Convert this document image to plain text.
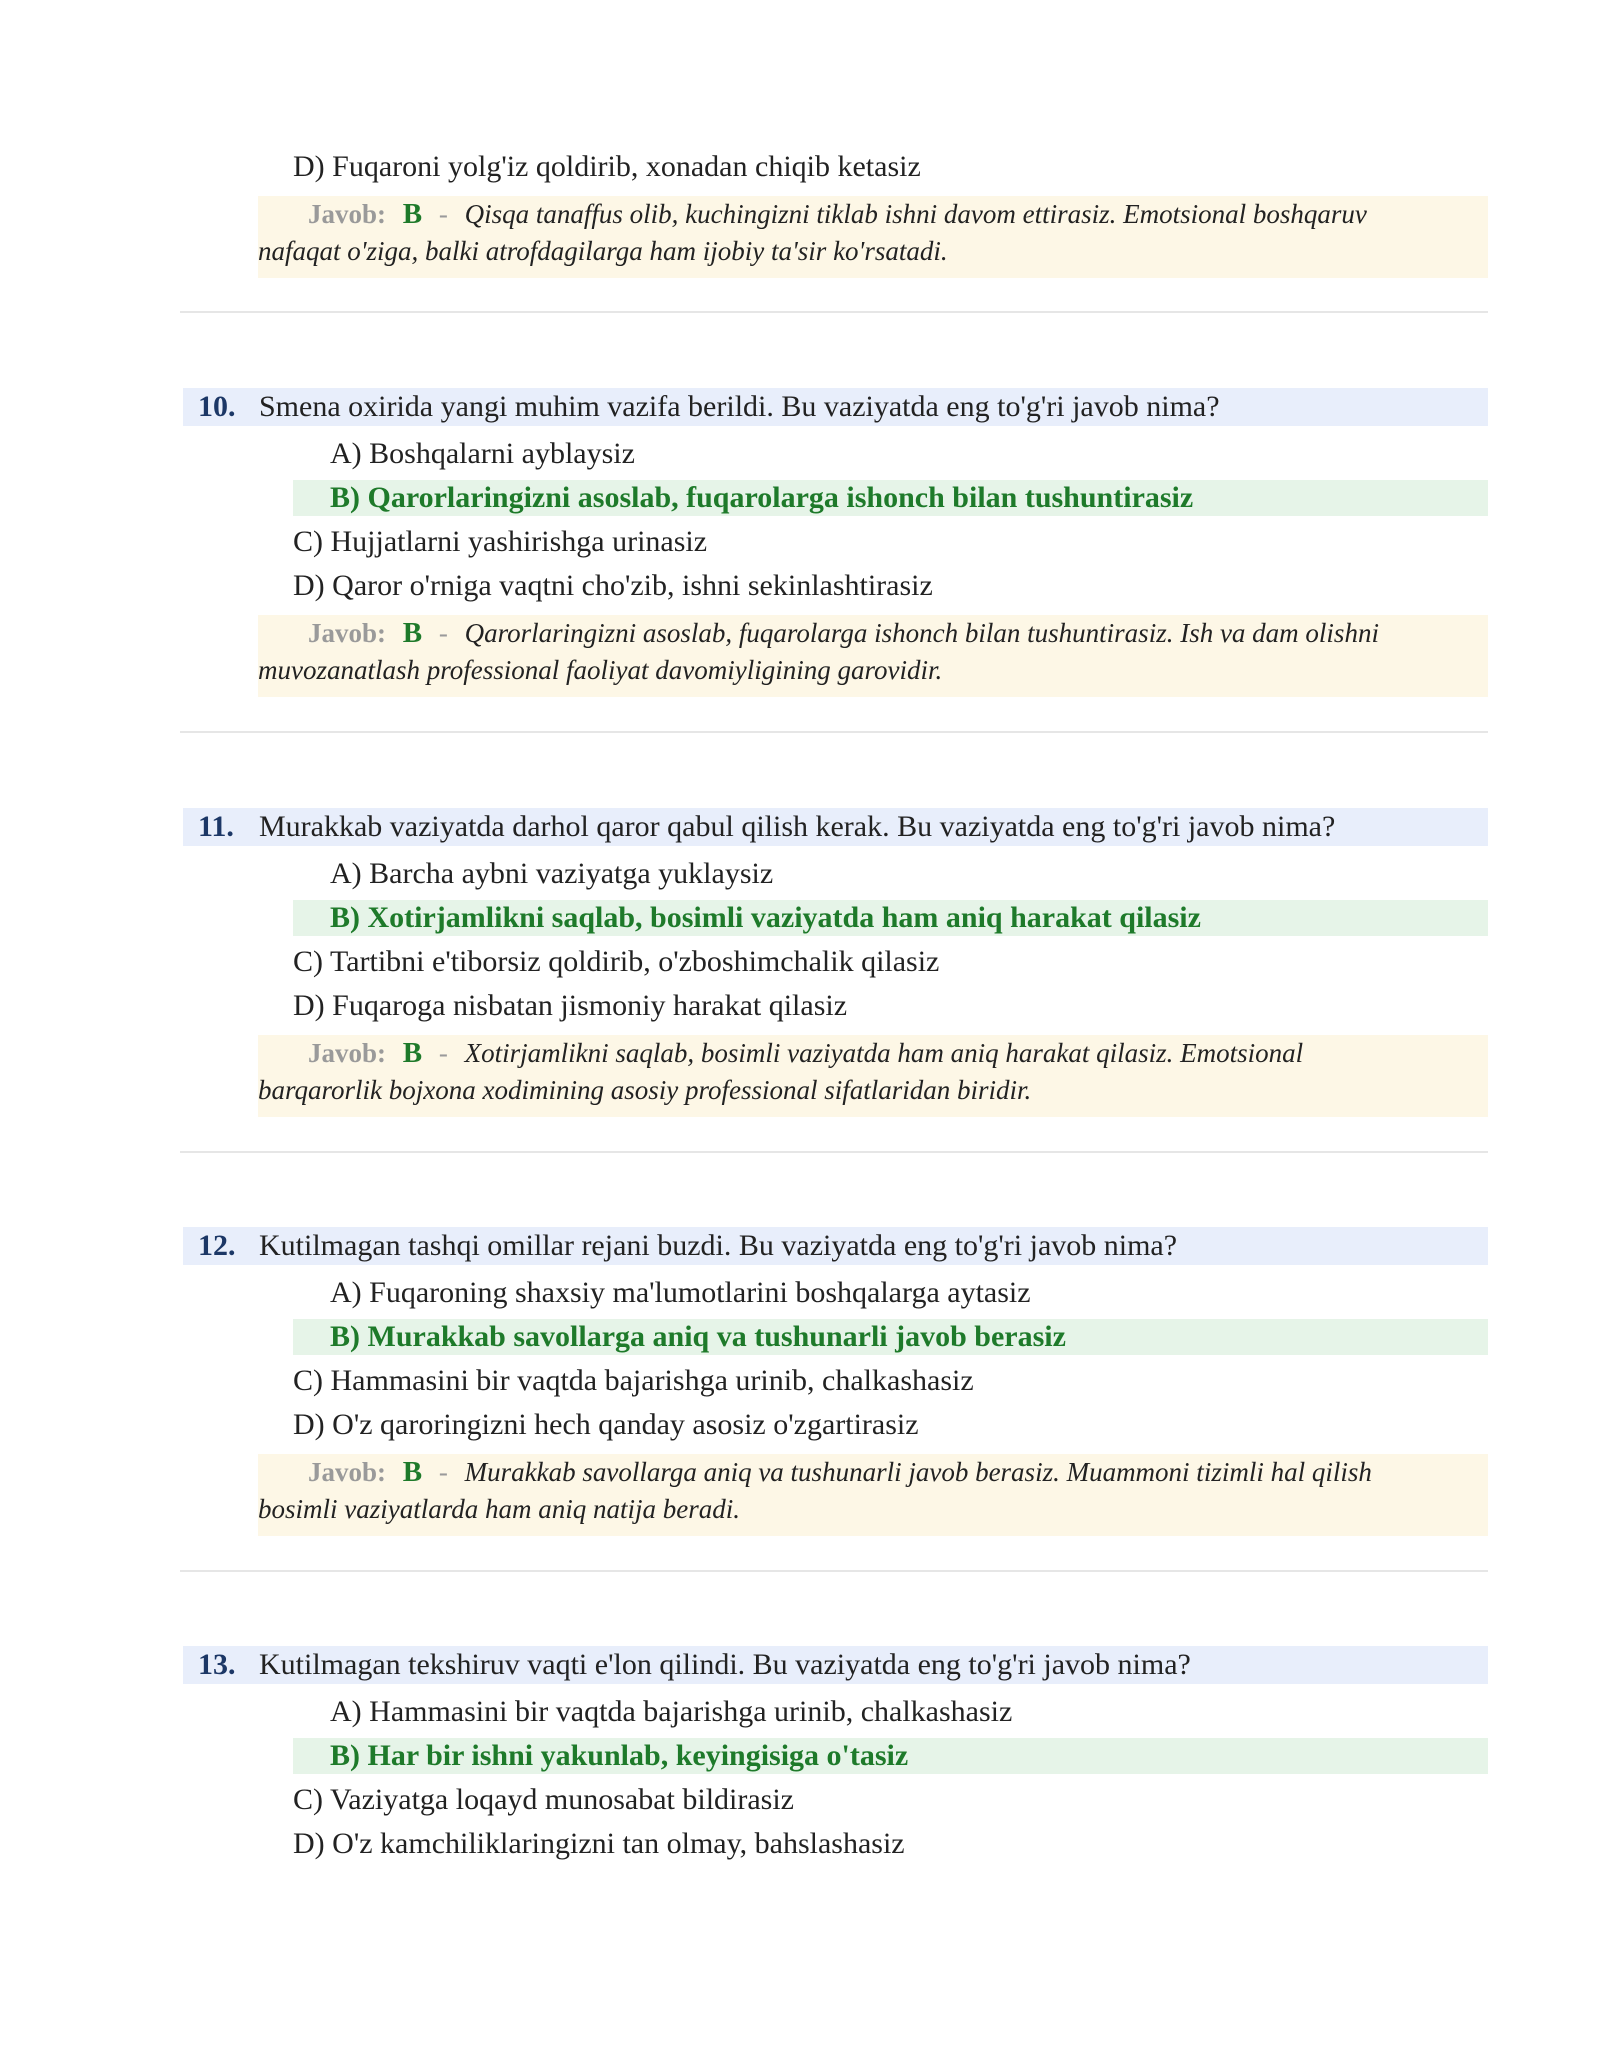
D) Fuqaroni yolg'iz qoldirib, xonadan chiqib ketasiz
Javob: B - Qisqa tanaffus olib, kuchingizni tiklab ishni davom ettirasiz. Emotsional boshqaruv
nafaqat o'ziga, balki atrofdagilarga ham ijobiy ta'sir ko'rsatadi.
10. Smena oxirida yangi muhim vazifa berildi. Bu vaziyatda eng to'g'ri javob nima?
A) Boshqalarni ayblaysiz
B) Qarorlaringizni asoslab, fuqarolarga ishonch bilan tushuntirasiz
C) Hujjatlarni yashirishga urinasiz
D) Qaror o'rniga vaqtni cho'zib, ishni sekinlashtirasiz
Javob: B - Qarorlaringizni asoslab, fuqarolarga ishonch bilan tushuntirasiz. Ish va dam olishni
muvozanatlash professional faoliyat davomiyligining garovidir.
11. Murakkab vaziyatda darhol qaror qabul qilish kerak. Bu vaziyatda eng to'g'ri javob nima?
A) Barcha aybni vaziyatga yuklaysiz
B) Xotirjamlikni saqlab, bosimli vaziyatda ham aniq harakat qilasiz
C) Tartibni e'tiborsiz qoldirib, o'zboshimchalik qilasiz
D) Fuqaroga nisbatan jismoniy harakat qilasiz
Javob: B - Xotirjamlikni saqlab, bosimli vaziyatda ham aniq harakat qilasiz. Emotsional
barqarorlik bojxona xodimining asosiy professional sifatlaridan biridir.
12. Kutilmagan tashqi omillar rejani buzdi. Bu vaziyatda eng to'g'ri javob nima?
A) Fuqaroning shaxsiy ma'lumotlarini boshqalarga aytasiz
B) Murakkab savollarga aniq va tushunarli javob berasiz
C) Hammasini bir vaqtda bajarishga urinib, chalkashasiz
D) O'z qaroringizni hech qanday asosiz o'zgartirasiz
Javob: B - Murakkab savollarga aniq va tushunarli javob berasiz. Muammoni tizimli hal qilish
bosimli vaziyatlarda ham aniq natija beradi.
13. Kutilmagan tekshiruv vaqti e'lon qilindi. Bu vaziyatda eng to'g'ri javob nima?
A) Hammasini bir vaqtda bajarishga urinib, chalkashasiz
B) Har bir ishni yakunlab, keyingisiga o'tasiz
C) Vaziyatga loqayd munosabat bildirasiz
D) O'z kamchiliklaringizni tan olmay, bahslashasiz
